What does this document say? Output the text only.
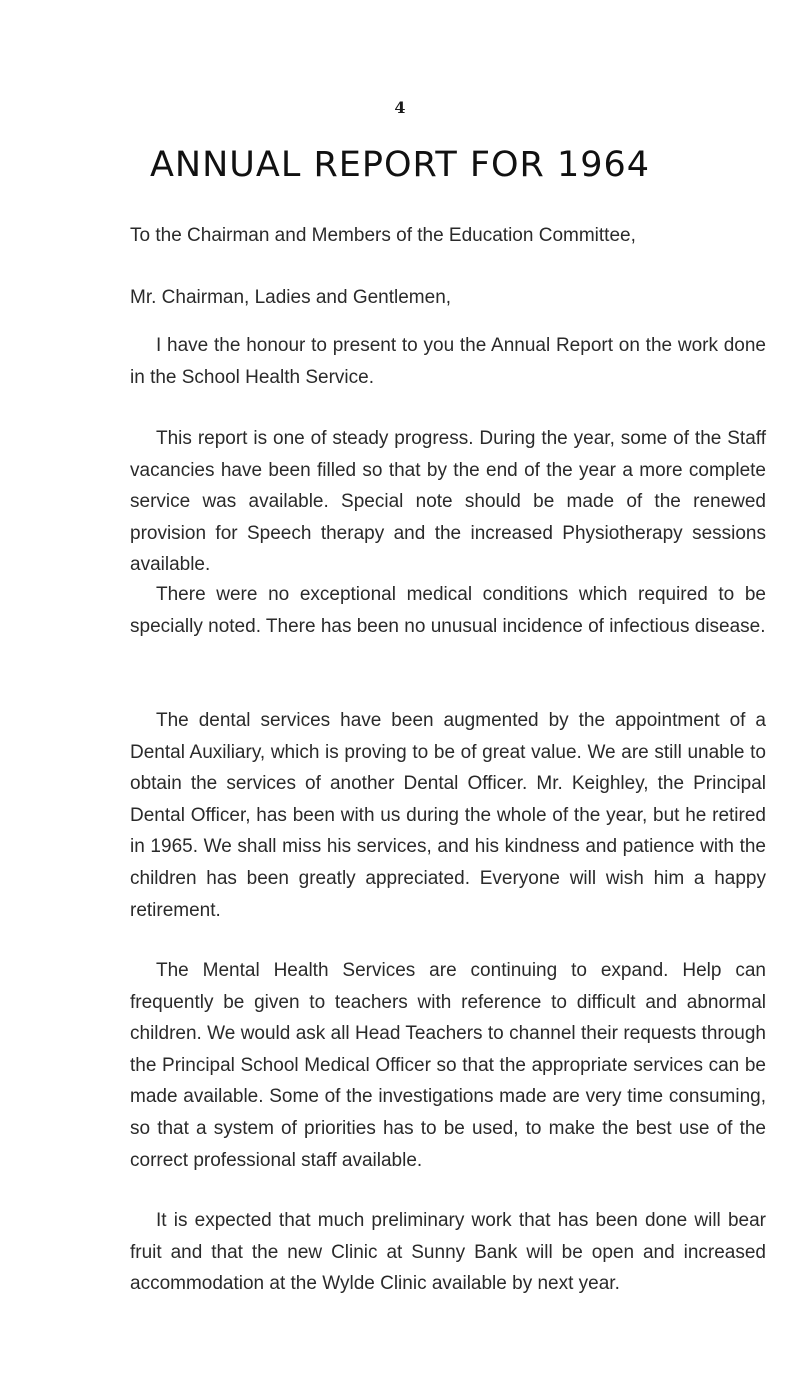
4
ANNUAL REPORT FOR 1964

To the Chairman and Members of the Education Committee,

Mr. Chairman, Ladies and Gentlemen,

I have the honour to present to you the Annual Report on the work done in the School Health Service.

This report is one of steady progress. During the year, some of the Staff vacancies have been filled so that by the end of the year a more complete service was available. Special note should be made of the renewed provision for Speech therapy and the increased Physiotherapy sessions available.

There were no exceptional medical conditions which required to be specially noted. There has been no unusual incidence of infectious disease.

The dental services have been augmented by the appointment of a Dental Auxiliary, which is proving to be of great value. We are still unable to obtain the services of another Dental Officer. Mr. Keighley, the Principal Dental Officer, has been with us during the whole of the year, but he retired in 1965. We shall miss his services, and his kindness and patience with the children has been greatly appreciated. Everyone will wish him a happy retirement.

The Mental Health Services are continuing to expand. Help can frequently be given to teachers with reference to difficult and abnormal children. We would ask all Head Teachers to channel their requests through the Principal School Medical Officer so that the appropriate services can be made available. Some of the investigations made are very time consuming, so that a system of priorities has to be used, to make the best use of the correct professional staff available.

It is expected that much preliminary work that has been done will bear fruit and that the new Clinic at Sunny Bank will be open and increased accommodation at the Wylde Clinic available by next year.
